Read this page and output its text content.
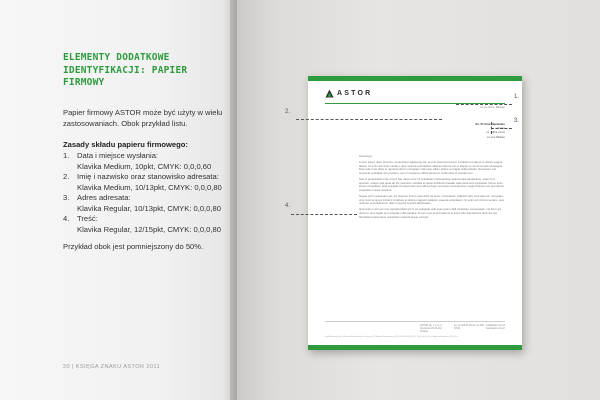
ELEMENTY DODATKOWE
IDENTYFIKACJI: PAPIER FIRMOWY
Papier firmowy ASTOR może być użyty w wielu zastosowaniach. Obok przykład listu.
Zasady składu papieru firmowego:
1. Data i miejsce wysłania:
Klavika Medium, 10pkt, CMYK: 0,0,0,60
2. Imię i nazwisko oraz stanowisko adresata:
Klavika Medium, 10/13pkt, CMYK: 0,0,0,80
3. Adres adresata:
Klavika Regular, 10/13pkt, CMYK: 0,0,0,80
4. Treść:
Klavika Regular, 12/15pkt, CMYK: 0,0,0,80
Przykład obok jest pomniejszony do 50%.
20 | KSIĘGA ZNAKU ASTOR 2011
ASTOR
xx.xx.xxxx, Miasto
Sz. Pr Imie Nazwisko
Firma
ul. Ulica xx/xx
xx-xxx Miasto

Szanowny,

Lorem ipsum dolor sit amet, consectetur adipiscing elit, sed do eiusmod tempor incididunt ut labore et dolore magna aliqua. Ut enim ad minim veniam, quis nostrud exercitation ullamco laboris nisi ut aliquip ex ea commodo consequat. Duis aute irure dolor in reprehenderit in voluptate velit esse cillum dolore eu fugiat nulla pariatur. Excepteur sint occaecat cupidatat non proident, sunt in culpa qui officia deserunt mollit anim id est laborum.

Sed ut perspiciatis unde omnis iste natus error sit voluptatem accusantium doloremque laudantium, totam rem aperiam, eaque ipsa quae ab illo inventore veritatis et quasi architecto beatae vitae dicta sunt explicabo. Nemo enim ipsam voluptatem quia voluptas sit aspernatur aut odit aut fugit, sed quia consequuntur magni dolores eos qui ratione voluptatem sequi nesciunt.

Neque porro quisquam est, qui dolorem ipsum quia dolor sit amet, consectetur, adipisci velit, sed quia non numquam eius modi tempora incidunt ut labore et dolore magnam aliquam quaerat voluptatem. Ut enim ad minima veniam, quis nostrum exercitationem ullam corporis suscipit laboriosam.

Quis autem vel eum iure reprehenderit qui in ea voluptate velit esse quam nihil molestiae consequatur, vel illum qui dolorem eum fugiat quo voluptas nulla pariatur. At vero eos et accusamus et iusto odio dignissimos ducimus qui blanditiis praesentium voluptatum deleniti atque corrupti.

ASTOR Sp. z o.o. ul. Smoleńsk 29 31-112 Kraków
tel. 12 428 63 00 fax 12 428 63 09
info@astor.com.pl www.astor.com.pl
Sąd Rejonowy dla Krakowa-Śródmieścia w Krakowie, XI Wydział Gospodarczy KRS: 0000000000, NIP: 000-000-00-00, Kapitał zakładowy: 000 000 zł
1.
2.
3.
4.
